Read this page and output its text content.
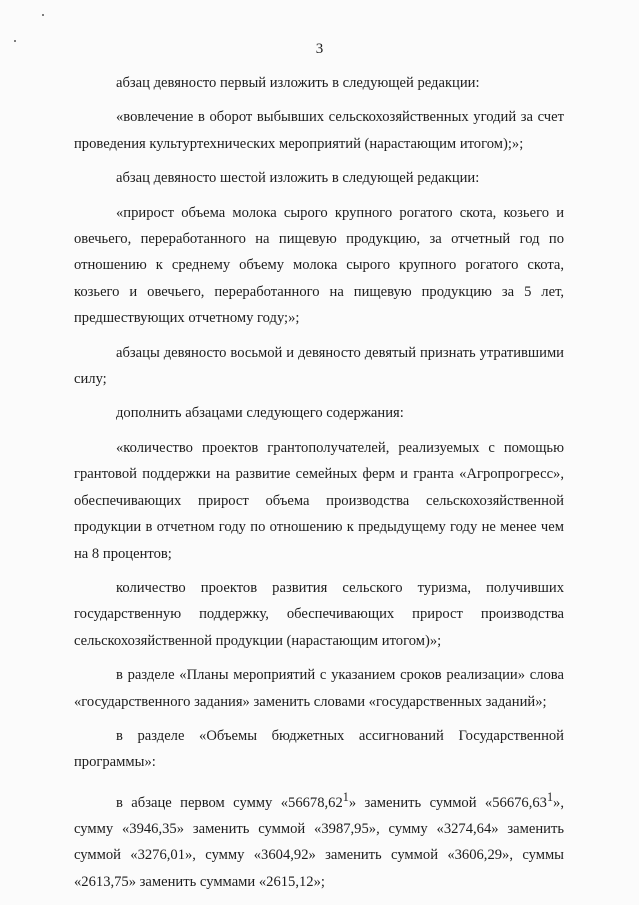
3

абзац девяносто первый изложить в следующей редакции:

«вовлечение в оборот выбывших сельскохозяйственных угодий за счет проведения культуртехнических мероприятий (нарастающим итогом);»;

абзац девяносто шестой изложить в следующей редакции:

«прирост объема молока сырого крупного рогатого скота, козьего и овечьего, переработанного на пищевую продукцию, за отчетный год по отношению к среднему объему молока сырого крупного рогатого скота, козьего и овечьего, переработанного на пищевую продукцию за 5 лет, предшествующих отчетному году;»;

абзацы девяносто восьмой и девяносто девятый признать утратившими силу;

дополнить абзацами следующего содержания:

«количество проектов грантополучателей, реализуемых с помощью грантовой поддержки на развитие семейных ферм и гранта «Агропрогресс», обеспечивающих прирост объема производства сельскохозяйственной продукции в отчетном году по отношению к предыдущему году не менее чем на 8 процентов;

количество проектов развития сельского туризма, получивших государственную поддержку, обеспечивающих прирост производства сельскохозяйственной продукции (нарастающим итогом)»;

в разделе «Планы мероприятий с указанием сроков реализации» слова «государственного задания» заменить словами «государственных заданий»;

в разделе «Объемы бюджетных ассигнований Государственной программы»:

в абзаце первом сумму «56678,62$^1$» заменить суммой «56676,63$^1$», сумму «3946,35» заменить суммой «3987,95», сумму «3274,64» заменить суммой «3276,01», сумму «3604,92» заменить суммой «3606,29», суммы «2613,75» заменить суммами «2615,12»;
